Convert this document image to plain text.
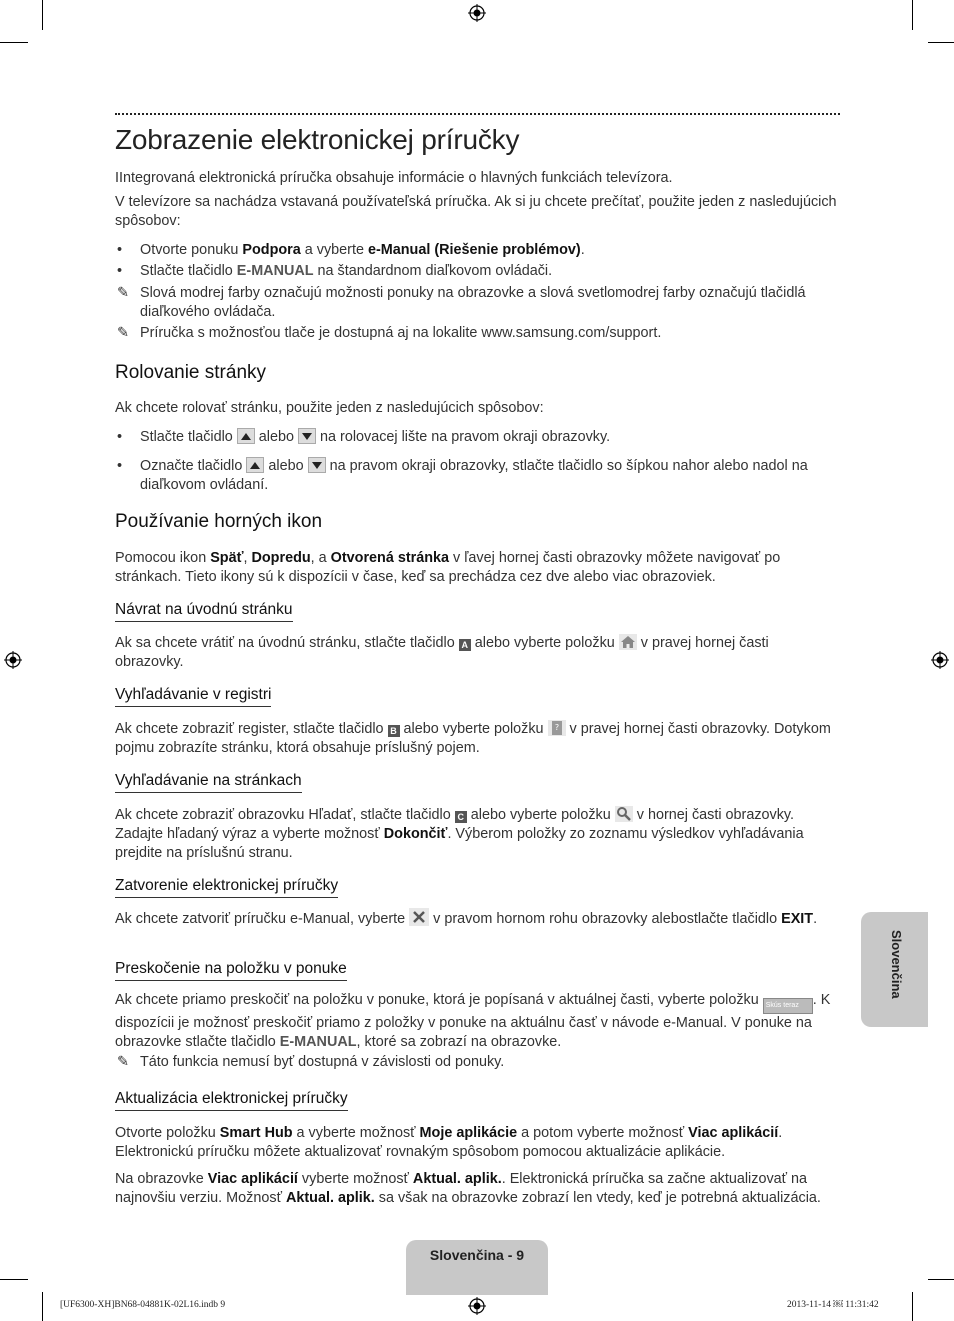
Zobrazenie elektronickej príručky

IIntegrovaná elektronická príručka obsahuje informácie o hlavných funkciách televízora.

V televízore sa nachádza vstavaná používateľská príručka. Ak si ju chcete prečítať, použite jeden z nasledujúcich spôsobov:

• Otvorte ponuku Podpora a vyberte e-Manual (Riešenie problémov).
• Stlačte tlačidlo E-MANUAL na štandardnom diaľkovom ovládači.
✎ Slová modrej farby označujú možnosti ponuky na obrazovke a slová svetlomodrej farby označujú tlačidlá diaľkového ovládača.
✎ Príručka s možnosťou tlače je dostupná aj na lokalite www.samsung.com/support.
Rolovanie stránky

Ak chcete rolovať stránku, použite jeden z nasledujúcich spôsobov:

• Stlačte tlačidlo alebo na rolovacej lište na pravom okraji obrazovky.
• Označte tlačidlo alebo na pravom okraji obrazovky, stlačte tlačidlo so šípkou nahor alebo nadol na diaľkovom ovládaní.
Používanie horných ikon

Pomocou ikon Späť, Dopredu, a Otvorená stránka v ľavej hornej časti obrazovky môžete navigovať po stránkach. Tieto ikony sú k dispozícii v čase, keď sa prechádza cez dve alebo viac obrazoviek.

Návrat na úvodnú stránku

Ak sa chcete vrátiť na úvodnú stránku, stlačte tlačidlo A alebo vyberte položku v pravej hornej časti obrazovky.

Vyhľadávanie v registri

Ak chcete zobraziť register, stlačte tlačidlo B alebo vyberte položku ? v pravej hornej časti obrazovky. Dotykom pojmu zobrazíte stránku, ktorá obsahuje príslušný pojem.

Vyhľadávanie na stránkach

Ak chcete zobraziť obrazovku Hľadať, stlačte tlačidlo C alebo vyberte položku v hornej časti obrazovky. Zadajte hľadaný výraz a vyberte možnosť Dokončiť. Výberom položky zo zoznamu výsledkov vyhľadávania prejdite na príslušnú stranu.

Zatvorenie elektronickej príručky

Ak chcete zatvoriť príručku e-Manual, vyberte v pravom hornom rohu obrazovky alebostlačte tlačidlo EXIT.

Preskočenie na položku v ponuke

Ak chcete priamo preskočiť na položku v ponuke, ktorá je popísaná v aktuálnej časti, vyberte položku Skús teraz . K dispozícii je možnosť preskočiť priamo z položky v ponuke na aktuálnu časť v návode e-Manual. V ponuke na obrazovke stlačte tlačidlo E-MANUAL, ktoré sa zobrazí na obrazovke.

✎ Táto funkcia nemusí byť dostupná v závislosti od ponuky.
Aktualizácia elektronickej príručky

Otvorte položku Smart Hub a vyberte možnosť Moje aplikácie a potom vyberte možnosť Viac aplikácií. Elektronickú príručku môžete aktualizovať rovnakým spôsobom pomocou aktualizácie aplikácie.

Na obrazovke Viac aplikácií vyberte možnosť Aktual. aplik.. Elektronická príručka sa začne aktualizovať na najnovšiu verziu. Možnosť Aktual. aplik. sa však na obrazovke zobrazí len vtedy, keď je potrebná aktualizácia.

Slovenčina
Slovenčina - 9
[UF6300-XH]BN68-04881K-02L16.indb 9	2013-11-14 ￼ 11:31:42
